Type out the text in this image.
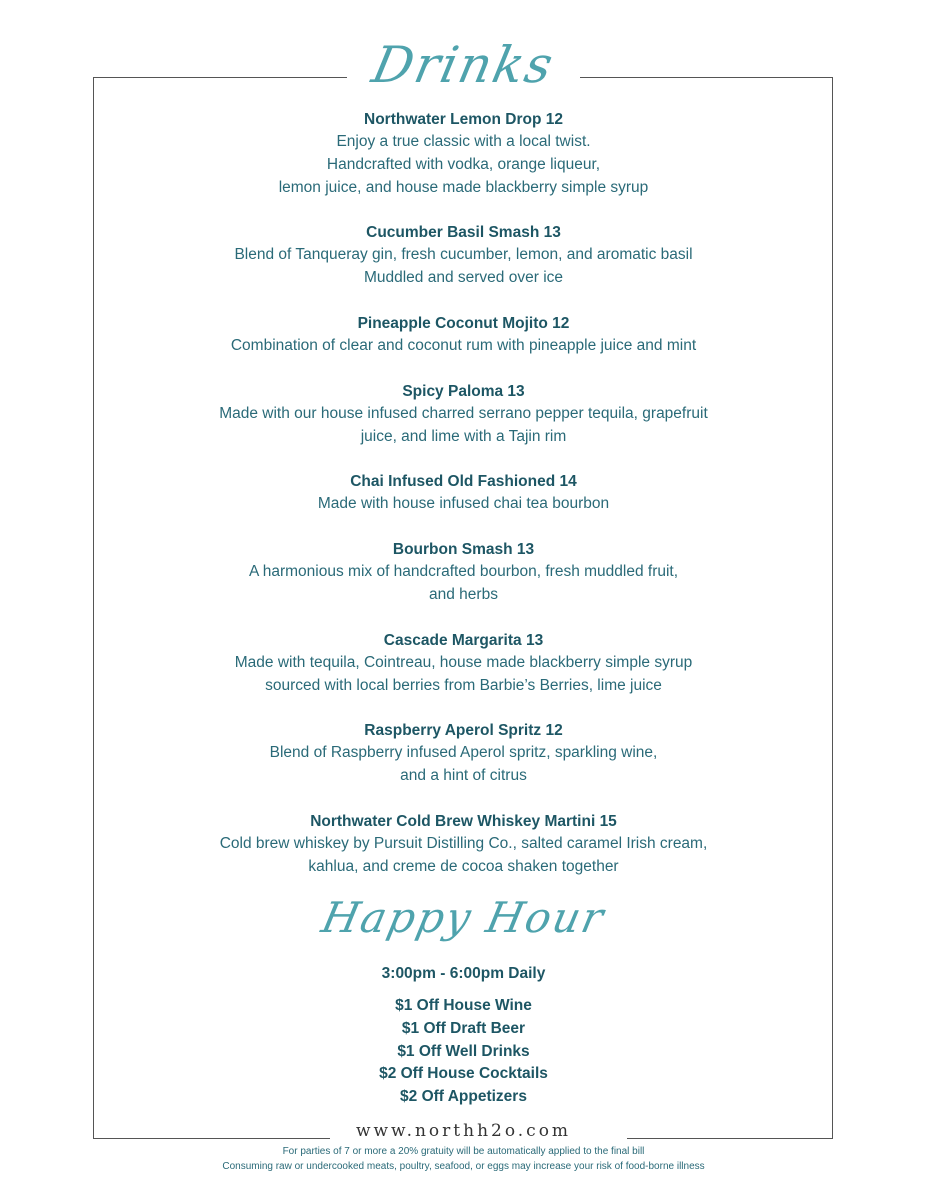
Drinks
Northwater Lemon Drop 12
Enjoy a true classic with a local twist.
Handcrafted with vodka, orange liqueur,
lemon juice, and house made blackberry simple syrup
Cucumber Basil Smash 13
Blend of Tanqueray gin, fresh cucumber, lemon, and aromatic basil
Muddled and served over ice
Pineapple Coconut Mojito 12
Combination of clear and coconut rum with pineapple juice and mint
Spicy Paloma 13
Made with our house infused charred serrano pepper tequila, grapefruit
juice, and lime with a Tajin rim
Chai Infused Old Fashioned 14
Made with house infused chai tea bourbon
Bourbon Smash 13
A harmonious mix of handcrafted bourbon, fresh muddled fruit,
and herbs
Cascade Margarita 13
Made with tequila, Cointreau, house made blackberry simple syrup
sourced with local berries from Barbie’s Berries, lime juice
Raspberry Aperol Spritz 12
Blend of Raspberry infused Aperol spritz, sparkling wine,
and a hint of citrus
Northwater Cold Brew Whiskey Martini 15
Cold brew whiskey by Pursuit Distilling Co., salted caramel Irish cream,
kahlua, and creme de cocoa shaken together
Happy Hour
3:00pm - 6:00pm Daily
$1 Off House Wine
$1 Off Draft Beer
$1 Off Well Drinks
$2 Off House Cocktails
$2 Off Appetizers
www.northh2o.com
For parties of 7 or more a 20% gratuity will be automatically applied to the final bill
Consuming raw or undercooked meats, poultry, seafood, or eggs may increase your risk of food-borne illness
